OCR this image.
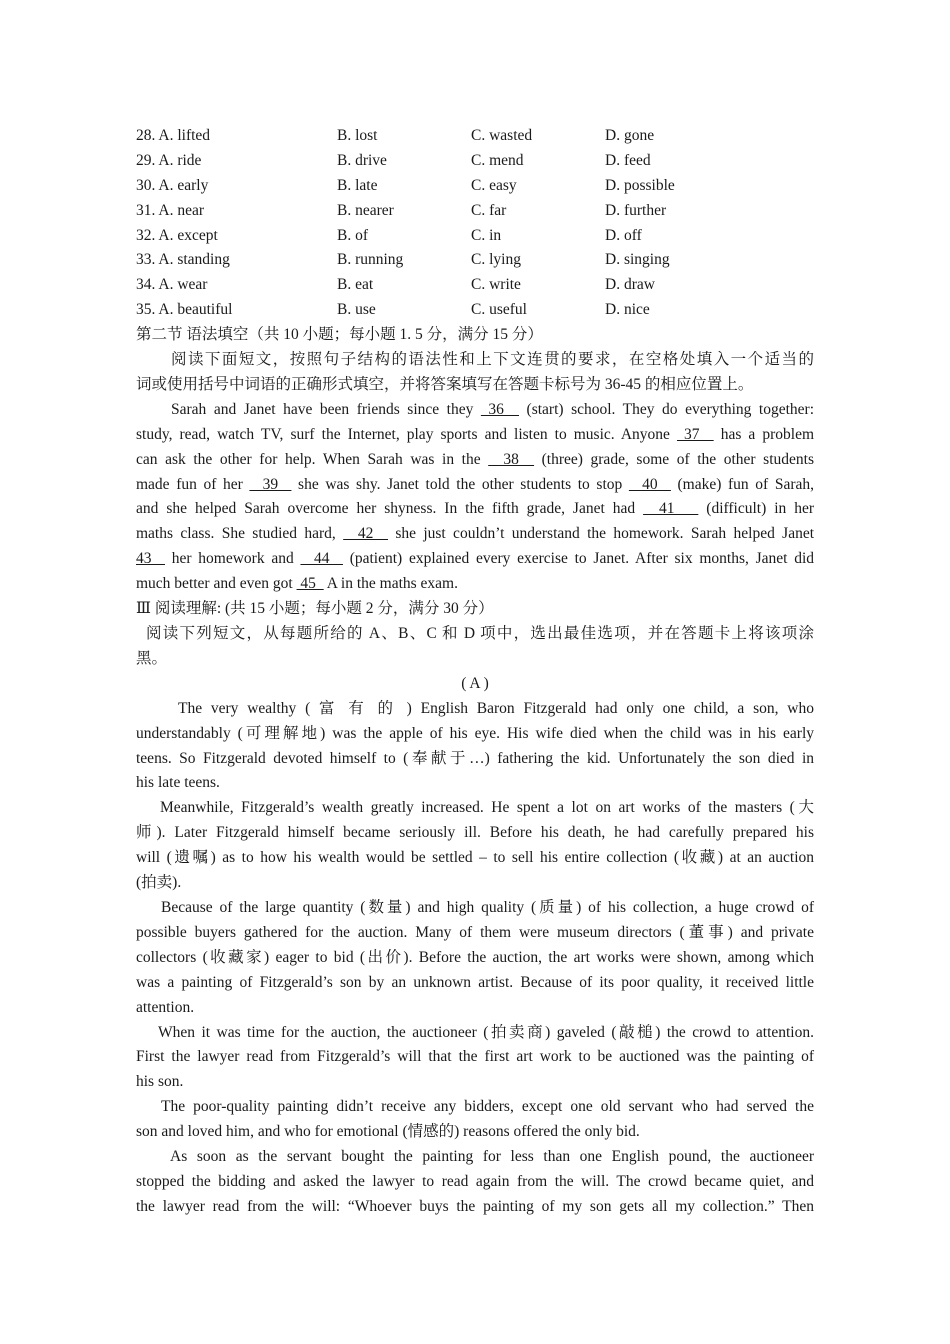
28. A. lifted	B. lost	C. wasted	D. gone
29. A. ride	B. drive	C. mend	D. feed
30. A. early	B. late	C. easy	D. possible
31. A. near	B. nearer	C. far	D. further
32. A. except	B. of	C. in	D. off
33. A. standing	B. running	C. lying	D. singing
34. A. wear	B. eat	C. write	D. draw
35. A. beautiful	B. use	C. useful	D. nice
第二节 语法填空（共 10 小题；每小题 1. 5 分，满分 15 分）
阅读下面短文，按照句子结构的语法性和上下文连贯的要求，在空格处填入一个适当的
词或使用括号中词语的正确形式填空，并将答案填写在答题卡标号为 36-45 的相应位置上。
Sarah and Janet have been friends since they  36   (start) school. They do everything together:
study, read, watch TV, surf the Internet, play sports and listen to music. Anyone  37   has a problem
can ask the other for help. When Sarah was in the   38   (three) grade, some of the other students
made fun of her   39   she was shy. Janet told the other students to stop   40   (make) fun of Sarah,
and she helped Sarah overcome her shyness. In the fifth grade, Janet had   41    (difficult) in her
maths class. She studied hard,   42   she just couldn’t understand the homework. Sarah helped Janet
43   her homework and   44   (patient) explained every exercise to Janet. After six months, Janet did
much better and even got  45   A in the maths exam.
Ⅲ 阅读理解: (共 15 小题；每小题 2 分，满分 30 分）
阅读下列短文，从每题所给的 A、B、C 和 D 项中，选出最佳选项，并在答题卡上将该项涂
黑。
( A )
The very wealthy ( 富 有 的 ) English Baron Fitzgerald had only one child, a son, who
understandably (可理解地) was the apple of his eye. His wife died when the child was in his early
teens. So Fitzgerald devoted himself to (奉献于…) fathering the kid. Unfortunately the son died in
his late teens.
Meanwhile, Fitzgerald’s wealth greatly increased. He spent a lot on art works of the masters (大
师). Later Fitzgerald himself became seriously ill. Before his death, he had carefully prepared his
will (遗嘱) as to how his wealth would be settled – to sell his entire collection (收藏) at an auction
(拍卖).
Because of the large quantity (数量) and high quality (质量) of his collection, a huge crowd of
possible buyers gathered for the auction. Many of them were museum directors (董事) and private
collectors (收藏家) eager to bid (出价). Before the auction, the art works were shown, among which
was a painting of Fitzgerald’s son by an unknown artist. Because of its poor quality, it received little
attention.
When it was time for the auction, the auctioneer (拍卖商) gaveled (敲槌) the crowd to attention.
First the lawyer read from Fitzgerald’s will that the first art work to be auctioned was the painting of
his son.
The poor-quality painting didn’t receive any bidders, except one old servant who had served the
son and loved him, and who for emotional (情感的) reasons offered the only bid.
As soon as the servant bought the painting for less than one English pound, the auctioneer
stopped the bidding and asked the lawyer to read again from the will. The crowd became quiet, and
the lawyer read from the will: “Whoever buys the painting of my son gets all my collection.” Then
